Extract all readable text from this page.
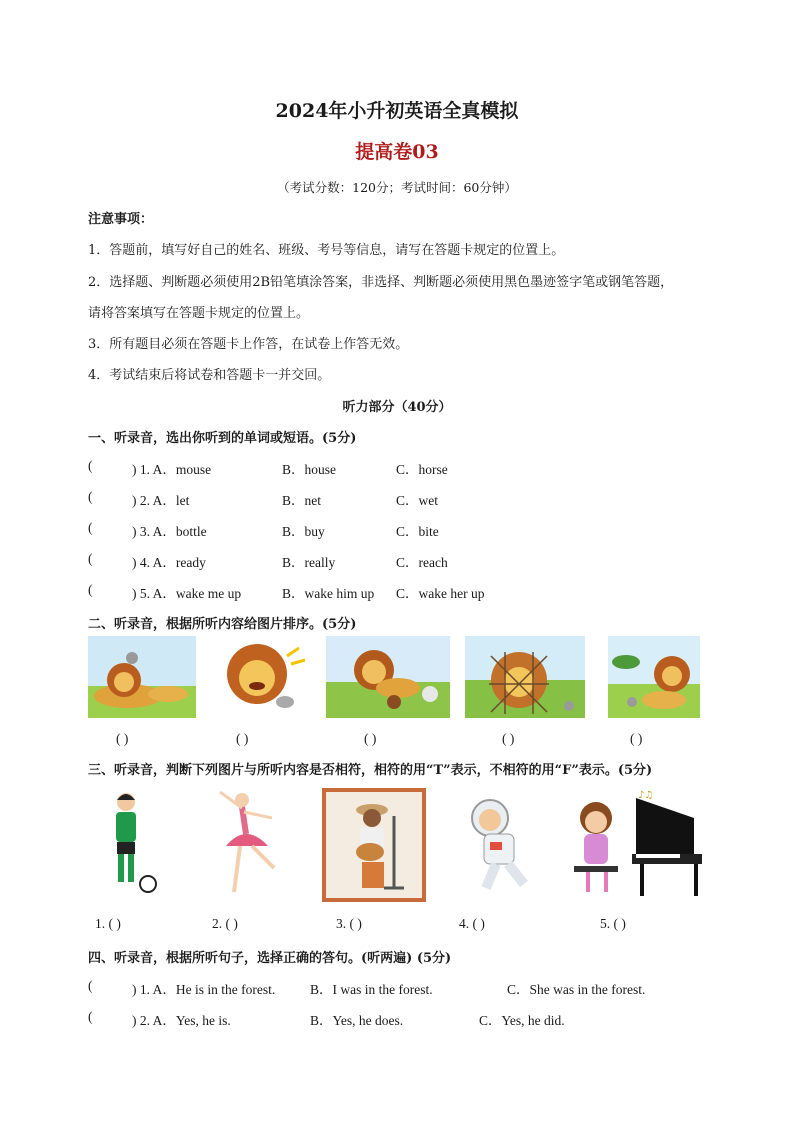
2024年小升初英语全真模拟
提高卷03
（考试分数：120分；考试时间：60分钟）
注意事项：
1．答题前，填写好自己的姓名、班级、考号等信息，请写在答题卡规定的位置上。
2．选择题、判断题必须使用2B铅笔填涂答案，非选择、判断题必须使用黑色墨迹签字笔或钢笔答题，
请将答案填写在答题卡规定的位置上。
3．所有题目必须在答题卡上作答，在试卷上作答无效。
4．考试结束后将试卷和答题卡一并交回。
听力部分（40分）
一、听录音，选出你听到的单词或短语。(5分)
(	) 1. A．mouse	B．house	C．horse
(	) 2. A．let	B．net	C．wet
(	) 3. A．bottle	B．buy	C．bite
(	) 4. A．ready	B．really	C．reach
(	) 5. A．wake me up	B．wake him up C．wake her up
二、听录音，根据所听内容给图片排序。(5分)
( )	( )	( )	( )	( )
三、听录音，判断下列图片与所听内容是否相符，相符的用“T”表示，不相符的用“F”表示。(5分)
♪♫
1. ( )	2. ( )	3. ( )	4. ( )	5. ( )
四、听录音，根据所听句子，选择正确的答句。(听两遍) (5分)
(	) 1. A．He is in the forest.	B．I was in the forest.	C．She was in the forest.
(	) 2. A．Yes, he is.	B．Yes, he does.	C．Yes, he did.
